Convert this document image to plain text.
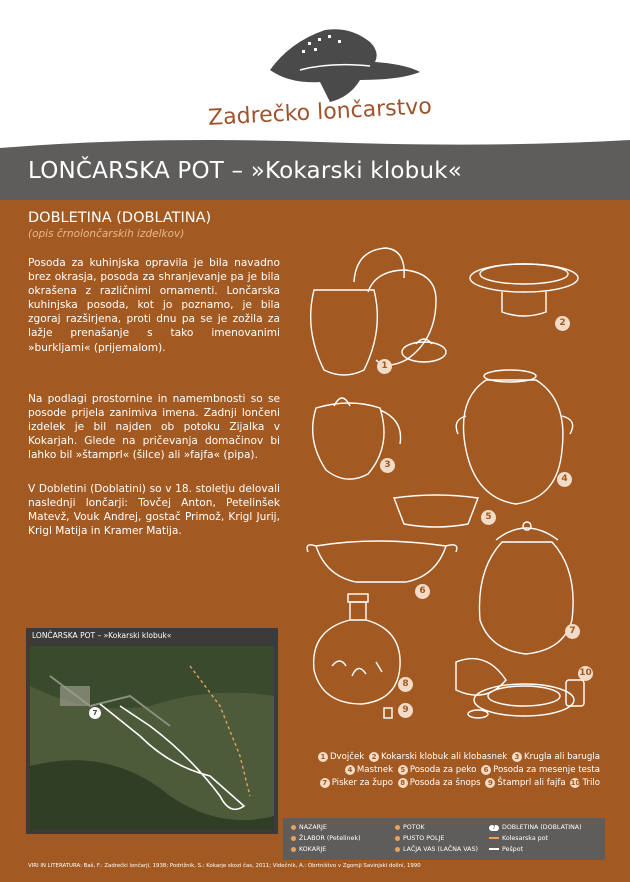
Zadrečko lončarstvo
LONČARSKA POT – »Kokarski klobuk«
DOBLETINA (DOBLATINA)
(opis črnolončarskih izdelkov)
Posoda za kuhinjska opravila je bila navadno brez okrasja, posoda za shranjevanje pa je bila okrašena z različnimi ornamenti. Lončarska kuhinjska posoda, kot jo poznamo, je bila zgoraj razširjena, proti dnu pa se je zožila za lažje prenašanje s tako imenovanimi »burkljami« (prijemalom).
Na podlagi prostornine in namembnosti so se posode prijela zanimiva imena. Zadnji lončeni izdelek je bil najden ob potoku Zijalka v Kokarjah. Glede na pričevanja domačinov bi lahko bil »štamprl« (šilce) ali »fajfa« (pipa).
V Dobletini (Doblatini) so v 18. stoletju delovali naslednji lončarji: Tovčej Anton, Petelinšek Matevž, Vouk Andrej, gostač Primož, Krigl Jurij, Krigl Matija in Kramer Matija.
1
2
3
4
5
6
7
8
9
10
LONČARSKA POT – »Kokarski klobuk«
7
1 Dvojček 2 Kokarski klobuk ali klobasnek 3 Krugla ali barugla
4 Mastnek 5 Posoda za peko 6 Posoda za mesenje testa
7 Pisker za župo 8 Posoda za šnops 9 Štamprl ali fajfa 10 Trilo
NAZARJE
ŽLABOR (Petelinek)
KOKARJE
POTOK
PUSTO POLJE
LAČJA VAS (LAČNA VAS)
7 DOBLETINA (DOBLATINA)
Kolesarska pot
Pešpot
VIRI IN LITERATURA: Baš, F.: Zadrečki lončarji, 1938; Podrižnik, S.: Kokarje skozi čas, 2011; Videčnik, A.: Obrtništvo v Zgornji Savinjski dolini, 1990
